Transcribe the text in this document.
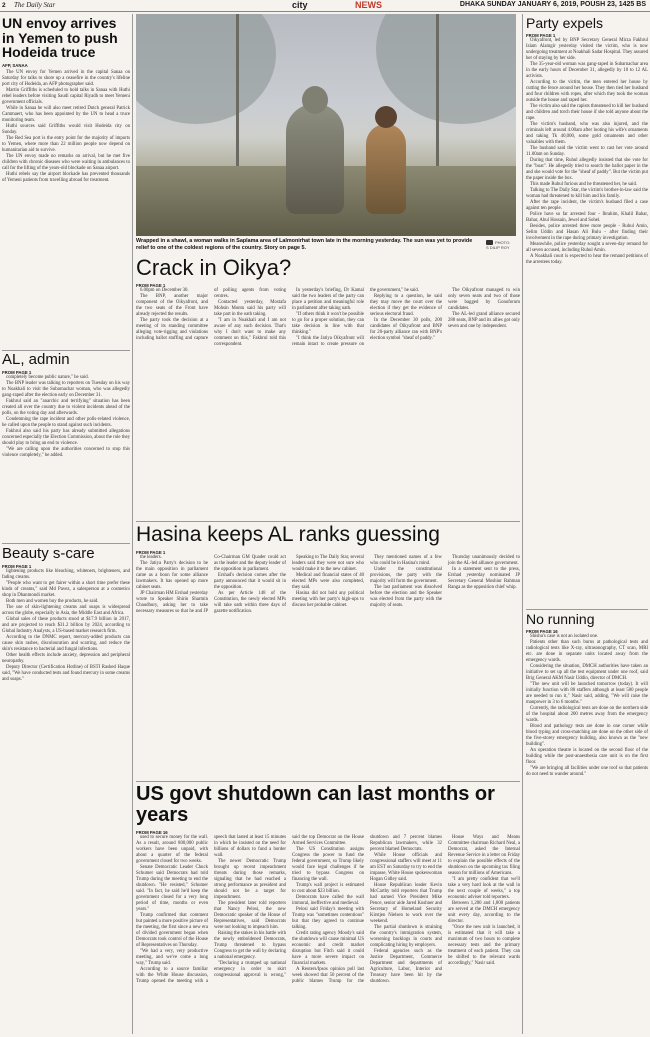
2 The Daily Star	city	NEWS	DHAKA SUNDAY JANUARY 6, 2019, POUSH 23, 1425 BS
UN envoy arrives in Yemen to push Hodeida truce
AFP, SANAA

The UN envoy for Yemen arrived in the capital Sanaa on Saturday for talks to shore up a ceasefire in the country's lifeline port city of Hodeida, an AFP photographer said.

Martin Griffiths is scheduled to hold talks in Sanaa with Huthi rebel leaders before visiting Saudi capital Riyadh to meet Yemeni government officials.

While in Sanaa he will also meet retired Dutch general Patrick Cammaert, who has been appointed by the UN to head a truce monitoring team.

Huthi sources said Griffiths would visit Hodeida city on Sunday.

The Red Sea port is the entry point for the majority of imports to Yemen, where more than 22 million people now depend on humanitarian aid to survive.

The UN envoy made no remarks on arrival, but he met five children with chronic diseases who were waiting in ambulances to call for the lifting of the years-old blockade on Sanaa airport.

Huthi rebels say the airport blockade has prevented thousands of Yemeni patients from travelling abroad for treatment.

AL, admin
FROM PAGE 1

completely become public nature," he said.

The BNP leader was talking to reporters on Tuesday on his way to Noakhali to visit the Subarnachar woman, who was allegedly gang-raped after the election early on December 31.

Fakhrul said an "anarchic and terrifying" situation has been created all over the country due to violent incidents ahead of the polls, on the voting day and afterwards.

Condemning the rape incident and other polls-related violence, he called upon the people to stand against such incidents.

Fakhrul also said his party has already submitted allegations concerned especially the Election Commission, about the role they should play to bring an end to violence.

"We are calling upon the authorities concerned to stop this violence completely," he added.

Beauty s-care
FROM PAGE 1

lightening products like bleaching, whiteners, brighteners, and fading creams.

"People who want to get fairer within a short time prefer these kinds of creams," said Md Pavez, a salesperson at a cosmetics shop in Dhanmondi market.

Both men and women buy the products, he said.

The use of skin-lightening creams and soaps is widespread across the globe, especially in Asia, the Middle East and Africa.

Global sales of these products stood at $17.9 billion in 2017, and are projected to reach $31.2 billion by 2024, according to Global Industry Analysts, a US-based market research firm.

According to the DNMC report, mercury-added products can cause skin rashes, discolouration and scarring, and reduce the skin's resistance to bacterial and fungal infections.

Other health effects include anxiety, depression and peripheral neuropathy.

Deputy Director (Certification Hotline) of BSTI Rashed Haque said, "We have conducted tests and found mercury in some creams and soaps."

Wrapped in a shawl, a woman walks in Saplama area of Lalmonirhat town late in the morning yesterday. The sun was yet to provide relief to one of the coldest regions of the country. Story on page 5.
PHOTO:
S DILIP ROY
Crack in Oikya?
FROM PAGE 1

6.00pm on December 30.

The BNP, another major component of the Oikyafront, and the two seats of the Front have already rejected the results.

The party took the decision at a meeting of its standing committee alleging vote-rigging and violations including ballot stuffing and capture of polling agents from voting centres.

Contacted yesterday, Mostafa Mohsin Montu said his party will take part in the oath taking.

"I am in Noakhali and I am not aware of any such decision. That's why I don't want to make any comment on this," Fakhrul told this correspondent.

In yesterday's briefing, Dr Kamal said the two leaders of the party can place a petition and meaningful role in parliament after taking oath.

"If others think it won't be possible to go for a proper solution, they can take decision in line with that thinking."

"I think the Jatiya Oikyafront will remain intact to create pressure on the government," he said.

Replying to a question, he said they may move the court over the election if they get the evidence of serious electoral fraud.

In the December 30 polls, 200 candidates of Oikyafront and BNP for 20-party alliance ran with BNP's election symbol "sheaf of paddy."

The Oikyafront managed to win only seven seats and two of those were bagged by Gonoforum candidates.

The AL-led grand alliance secured 288 seats, BNP and its allies got only seven and one by independent.

Hasina keeps AL ranks guessing
FROM PAGE 1

the leaders.

The Jatiya Party's decision to be the main opposition in parliament came as a boon for some alliance lawmakers. It has opened up more cabinet seats.

JP Chairman HM Ershad yesterday wrote to Speaker Shirin Sharmin Chaudhury, asking her to take necessary measures so that he and JP Co-Chairman GM Quader could act as the leader and the deputy leader of the opposition in parliament.

Ershad's decision comes after the party announced that it would sit in the opposition.

As per Article 148 of the Constitution, the newly elected MPs will take oath within three days of gazette notification.

Speaking to The Daily Star, several leaders said they were not sure who would make it to the new cabinet.

Medical and financial states of 40 elected MPs were also completed, they said.

Hasina did not hold any political meeting with her party's high-ups to discuss her probable cabinet.

They mentioned names of a few who could be in Hasina's mind.

Under the constitutional provisions, the party with the majority will form the government.

The last parliament was dissolved before the election and the Speaker was elected from the party with the majority of seats.

Thursday unanimously decided to join the AL-led alliance government.

In a statement sent to the press, Ershad yesterday nominated JP Secretary General Moshiur Rahman Ranga as the opposition chief whip.

US govt shutdown can last months or years
FROM PAGE 16

used to secure money for the wall. As a result, around 800,000 public workers have been unpaid, with about a quarter of the federal government closed for two weeks.

Senate Democratic Leader Chuck Schumer said Democrats had told Trump during the meeting to end the shutdown. "He resisted," Schumer said. "In fact, he said he'd keep the government closed for a very long period of time, months or even years."

Trump confirmed that comment but painted a more positive picture of the meeting, the first since a new era of divided government began when Democrats took control of the House of Representatives on Thursday.

"We had a very, very productive meeting, and we've come a long way," Trump said.

According to a source familiar with the White House discussion, Trump opened the meeting with a speech that lasted at least 15 minutes in which he insisted on the need for billions of dollars to fund a border wall.

The newer Democratic Trump brought up recent impeachment threats during those remarks, signaling that he had reached a strong performance as president and should not be a target for impeachment.

The president later told reporters that Nancy Pelosi, the new Democratic speaker of the House of Representatives, said Democrats were not looking to impeach him.

Raising the stakes in his battle with the newly emboldened Democrats, Trump threatened to bypass Congress to get the wall by declaring a national emergency.

"Declaring a trumped up national emergency in order to skirt congressional approval is wrong," said the top Democrat on the House Armed Services Committee.

The US Constitution assigns Congress the power to fund the federal government, so Trump likely would face legal challenges if he tried to bypass Congress on financing the wall.

Trump's wall project is estimated to cost about $23 billion.

Democrats have called the wall immoral, ineffective and medieval.

Pelosi said Friday's meeting with Trump was "sometimes contentious" but that they agreed to continue talking.

Credit rating agency Moody's said the shutdown will cause minimal US economic and credit market disruption but Fitch said it could have a more severe impact on financial markets.

A Reuters/Ipsos opinion poll last week showed that 50 percent of the public blames Trump for the shutdown and 7 percent blames Republican lawmakers, while 32 percent blamed Democrats.

While House officials and congressional staffers will meet at 11 am EST on Saturday to try to end the impasse, White House spokeswoman Hogan Gidley said.

House Republican leader Kevin McCarthy told reporters that Trump had named Vice President Mike Pence, senior aide Jared Kushner and Secretary of Homeland Security Kirstjen Nielsen to work over the weekend.

The partial shutdown is straining the country's immigration system, worsening backlogs in courts and complicating hiring by employers.

Federal agencies such as the Justice Department, Commerce Department and departments of Agriculture, Labor, Interior and Treasury have been hit by the shutdown.

House Ways and Means Committee chairman Richard Neal, a Democrat, asked the Internal Revenue Service in a letter on Friday to explain the possible effects of the shutdown on the upcoming tax filing season for millions of Americans.

"I am pretty confident that we'll take a very hard look at the wall in the next couple of weeks," a top economic adviser told reporters.

Between 1,200 and 1,800 patients are served at the DMCH emergency unit every day, according to the director.

"Once the new unit is launched, it is estimated that it will take a maximum of two hours to complete necessary tests and the primary treatment of each patient. They can be shifted to the relevant wards accordingly," Nasir said.

Party expels
FROM PAGE 1

Oikyafront, led by BNP Secretary General Mirza Fakhrul Islam Alamgir yesterday visited the victim, who is now undergoing treatment at Noakhali Sadar Hospital. They assured her of staying by her side.

The 35-year-old woman was gang-raped in Subarnachar area in the early hours of December 31, allegedly by 10 to 12 AL activists.

According to the victim, the men entered her house by cutting the fence around her house. They then tied her husband and four children with ropes, after which they took the woman outside the house and raped her.

The victim also said the rapists threatened to kill her husband and children and torch their house if she told anyone about the rape.

The victim's husband, who was also injured, and the criminals left around 4.00am after looting his wife's ornaments and taking Tk 40,000, some gold ornaments and other valuables with them.

The husband said the victim went to cast her vote around 11.00am on Sunday.

During that time, Ruhul allegedly insisted that she vote for the "boat". He allegedly tried to search the ballot paper in the and she would vote for the "sheaf of paddy". But the victim put the paper inside the box.

This made Ruhul furious and he threatened her, he said.

Talking to The Daily Star, the victim's brother-in-law said the woman had threatened to kill him and his family.

After the rape incident, the victim's husband filed a case against ten people.

Police have so far arrested four - Ibrahim, Khalil Bahar, Bahar, Abul Hossain, Jewel and Sohel.

Besides, police arrested three more people - Ruhul Amin, Selim Uddin and Hasan Ali Bulu - after finding their involvement in the rape during primary investigation.

Meanwhile, police yesterday sought a seven-day remand for all seven accused, including Ruhul Amin.

A Noakhali court is expected to hear the remand petitions of the arrestees today.

No running
FROM PAGE 16

Shishu's case is not an isolated one.

Patients other than such burns at pathological tests and radiological tests like X-ray, ultrasonography, CT scan, MRI etc. are done in separate units located away from the emergency wards.

Considering the situation, DMCH authorities have taken an initiative to set up all the test equipment under one roof, said Brig General AKM Nasir Uddin, director of DMCH.

"The new unit will be launched tomorrow (today). It will initially function with 80 staffers although at least 500 people are needed to run it," Nasir said, adding, "We will raise the manpower in 3 to 6 months."

Currently, the radiological tests are done on the northern side of the hospital about 200 metres away from the emergency wards.

Blood and pathology tests are done in one corner while blood typing and cross-matching are done on the other side of the five-storey emergency building, also known as the "new building".

An operation theatre is located on the second floor of the building while the post-anaesthesia care unit is on the first floor.

"We are bringing all facilities under one roof so that patients do not need to wander around."
